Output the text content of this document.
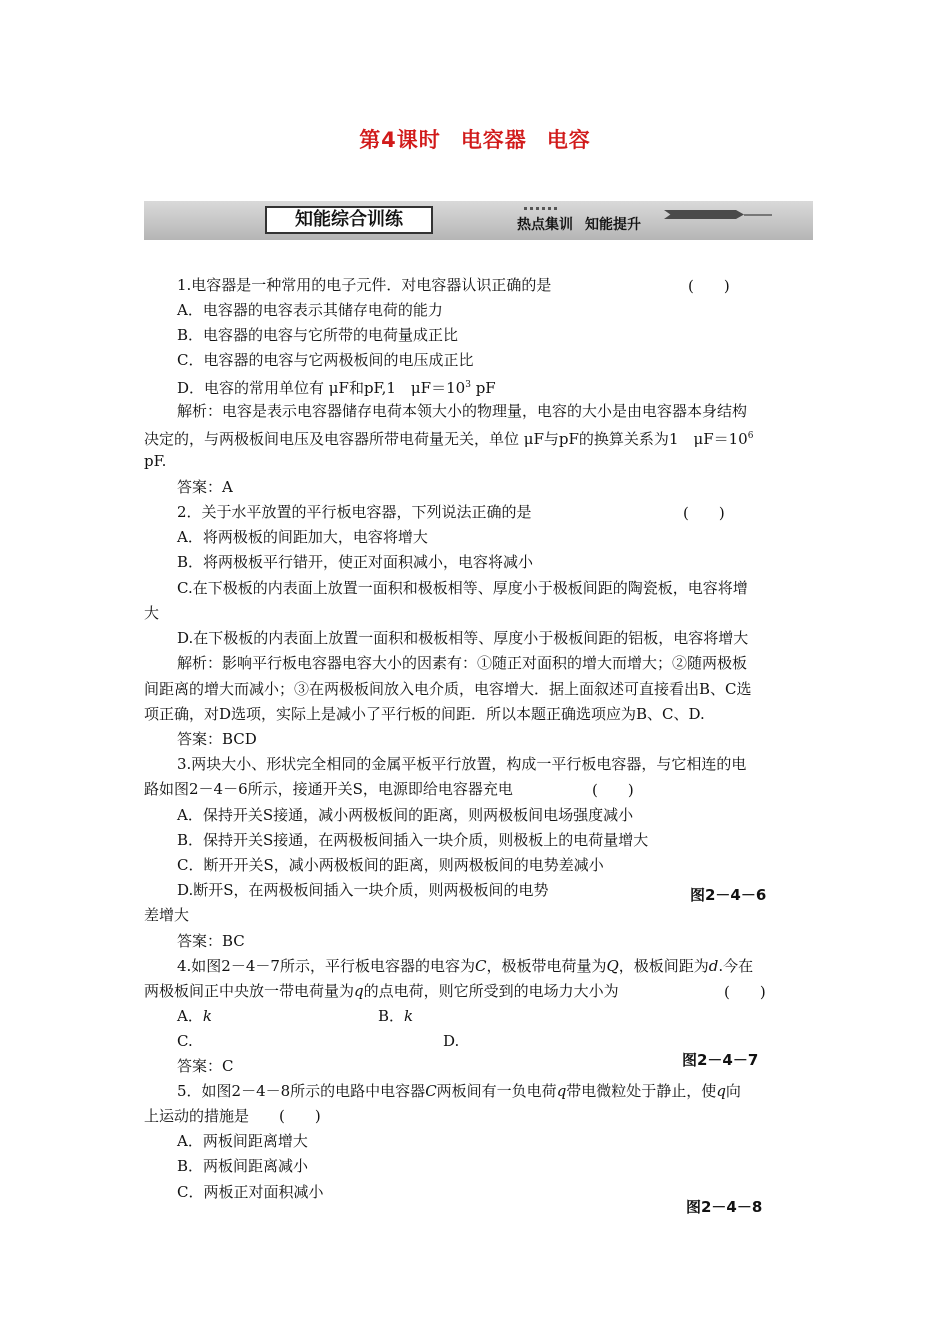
第4课时 电容器 电容
知能综合训练	热点集训 知能提升
1.电容器是一种常用的电子元件．对电容器认识正确的是	(　　)
A．电容器的电容表示其储存电荷的能力
B．电容器的电容与它所带的电荷量成正比
C．电容器的电容与它两极板间的电压成正比
D．电容的常用单位有 μF和pF,1　$\mu F=10^3$ pF
解析：电容是表示电容器储存电荷本领大小的物理量，电容的大小是由电容器本身结构
决定的，与两极板间电压及电容器所带电荷量无关，单位 μF与pF的换算关系为1　$\mu F=10^6$
pF.
答案：A
2．关于水平放置的平行板电容器，下列说法正确的是	(　　)
A．将两极板的间距加大，电容将增大
B．将两极板平行错开，使正对面积减小，电容将减小
C.在下极板的内表面上放置一面积和极板相等、厚度小于极板间距的陶瓷板，电容将增
大
D.在下极板的内表面上放置一面积和极板相等、厚度小于极板间距的铝板，电容将增大
解析：影响平行板电容器电容大小的因素有：①随正对面积的增大而增大；②随两极板
间距离的增大而减小；③在两极板间放入电介质，电容增大．据上面叙述可直接看出B、C选
项正确，对D选项，实际上是减小了平行板的间距．所以本题正确选项应为B、C、D.
答案：BCD
3.两块大小、形状完全相同的金属平板平行放置，构成一平行板电容器，与它相连的电
路如图2－4－6所示，接通开关S，电源即给电容器充电	(　　)
A．保持开关S接通，减小两极板间的距离，则两极板间电场强度减小
B．保持开关S接通，在两极板间插入一块介质，则极板上的电荷量增大
C．断开开关S，减小两极板间的距离，则两极板间的电势差减小
D.断开S，在两极板间插入一块介质，则两极板间的电势	图2－4－6
差增大
答案：BC
4.如图2－4－7所示，平行板电容器的电容为C，极板带电荷量为Q，极板间距为d.今在
两极板间正中央放一带电荷量为q的点电荷，则它所受到的电场力大小为	(　　)
A．k	B．k
C.	D.
答案：C	图2－4－7
5．如图2－4－8所示的电路中电容器C两板间有一负电荷q带电微粒处于静止，使q向
上运动的措施是　　(　　)
A．两板间距离增大
B．两板间距离减小
C．两板正对面积减小
图2－4－8
